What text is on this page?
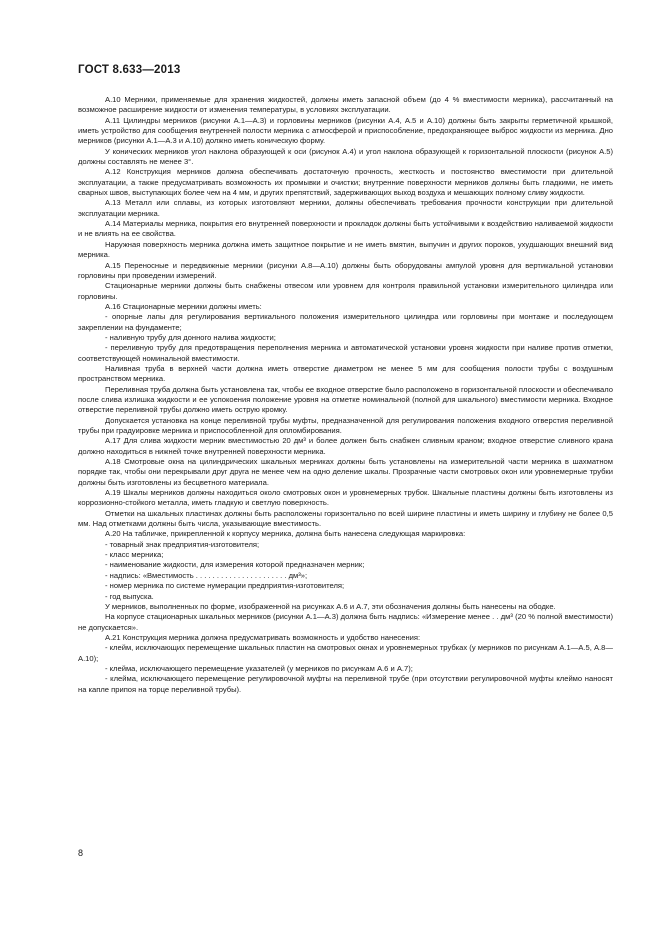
ГОСТ 8.633—2013

А.10 Мерники, применяемые для хранения жидкостей, должны иметь запасной объем (до 4 % вместимости мерника), рассчитанный на возможное расширение жидкости от изменения температуры, в условиях эксплуатации.

А.11 Цилиндры мерников (рисунки А.1—А.3) и горловины мерников (рисунки А.4, А.5 и А.10) должны быть закрыты герметичной крышкой, иметь устройство для сообщения внутренней полости мерника с атмосферой и приспособление, предохраняющее выброс жидкости из мерника. Дно мерников (рисунки А.1—А.3 и А.10) должно иметь коническую форму.

У конических мерников угол наклона образующей к оси (рисунок А.4) и угол наклона образующей к горизонтальной плоскости (рисунок А.5) должны составлять не менее 3°.

А.12 Конструкция мерников должна обеспечивать достаточную прочность, жесткость и постоянство вместимости при длительной эксплуатации, а также предусматривать возможность их промывки и очистки; внутренние поверхности мерников должны быть гладкими, не иметь сварных швов, выступающих более чем на 4 мм, и других препятствий, задерживающих выход воздуха и мешающих полному сливу жидкости.

А.13 Металл или сплавы, из которых изготовляют мерники, должны обеспечивать требования прочности конструкции при длительной эксплуатации мерника.

А.14 Материалы мерника, покрытия его внутренней поверхности и прокладок должны быть устойчивыми к воздействию наливаемой жидкости и не влиять на ее свойства.

Наружная поверхность мерника должна иметь защитное покрытие и не иметь вмятин, выпучин и других пороков, ухудшающих внешний вид мерника.

А.15 Переносные и передвижные мерники (рисунки А.8—А.10) должны быть оборудованы ампулой уровня для вертикальной установки горловины при проведении измерений.

Стационарные мерники должны быть снабжены отвесом или уровнем для контроля правильной установки измерительного цилиндра или горловины.

А.16 Стационарные мерники должны иметь:

- опорные лапы для регулирования вертикального положения измерительного цилиндра или горловины при монтаже и последующем закреплении на фундаменте;

- наливную трубу для донного налива жидкости;

- переливную трубу для предотвращения переполнения мерника и автоматической установки уровня жидкости при наливе против отметки, соответствующей номинальной вместимости.

Наливная труба в верхней части должна иметь отверстие диаметром не менее 5 мм для сообщения полости трубы с воздушным пространством мерника.

Переливная труба должна быть установлена так, чтобы ее входное отверстие было расположено в горизонтальной плоскости и обеспечивало после слива излишка жидкости и ее успокоения положение уровня на отметке номинальной (полной для шкального) вместимости мерника. Входное отверстие переливной трубы должно иметь острую кромку.

Допускается установка на конце переливной трубы муфты, предназначенной для регулирования положения входного отверстия переливной трубы при градуировке мерника и приспособленной для опломбирования.

А.17 Для слива жидкости мерник вместимостью 20 дм³ и более должен быть снабжен сливным краном; входное отверстие сливного крана должно находиться в нижней точке внутренней поверхности мерника.

А.18 Смотровые окна на цилиндрических шкальных мерниках должны быть установлены на измерительной части мерника в шахматном порядке так, чтобы они перекрывали друг друга не менее чем на одно деление шкалы. Прозрачные части смотровых окон или уровнемерные трубки должны быть изготовлены из бесцветного материала.

А.19 Шкалы мерников должны находиться около смотровых окон и уровнемерных трубок. Шкальные пластины должны быть изготовлены из коррозионно-стойкого металла, иметь гладкую и светлую поверхность.

Отметки на шкальных пластинах должны быть расположены горизонтально по всей ширине пластины и иметь ширину и глубину не более 0,5 мм. Над отметками должны быть числа, указывающие вместимость.

А.20 На табличке, прикрепленной к корпусу мерника, должна быть нанесена следующая маркировка:

- товарный знак предприятия-изготовителя;

- класс мерника;

- наименование жидкости, для измерения которой предназначен мерник;

- надпись: «Вместимость . . . . . . . . . . . . . . . . . . . . . . дм³»;

- номер мерника по системе нумерации предприятия-изготовителя;

- год выпуска.

У мерников, выполненных по форме, изображенной на рисунках А.6 и А.7, эти обозначения должны быть нанесены на ободке.

На корпусе стационарных шкальных мерников (рисунки А.1—А.3) должна быть надпись: «Измерение менее . . дм³ (20 % полной вместимости) не допускается».

А.21 Конструкция мерника должна предусматривать возможность и удобство нанесения:

- клейм, исключающих перемещение шкальных пластин на смотровых окнах и уровнемерных трубках (у мерников по рисункам А.1—А.5, А.8—А.10);

- клейма, исключающего перемещение указателей (у мерников по рисункам А.6 и А.7);

- клейма, исключающего перемещение регулировочной муфты на переливной трубе (при отсутствии регулировочной муфты клеймо наносят на капле припоя на торце переливной трубы).

8
